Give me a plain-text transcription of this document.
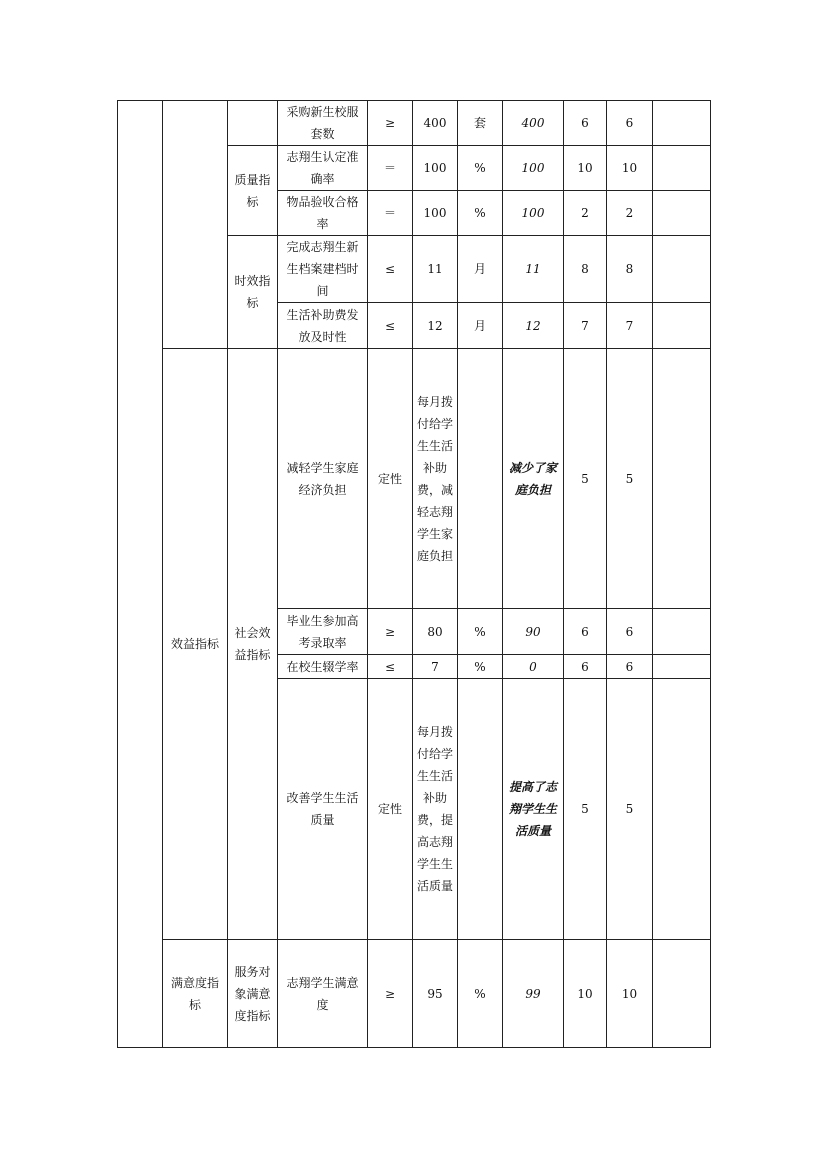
			采购新生校服套数	≥	400	套	400	6	6	
		质量指标	志翔生认定准确率	＝	100	%	100	10	10	
			物品验收合格率	＝	100	%	100	2	2	
		时效指标	完成志翔生新生档案建档时间	≤	11	月	11	8	8	
			生活补助费发放及时性	≤	12	月	12	7	7	
	效益指标	社会效益指标	减轻学生家庭经济负担	定性	每月拨付给学生生活补助费，减轻志翔学生家庭负担		减少了家庭负担	5	5	
			毕业生参加高考录取率	≥	80	%	90	6	6	
			在校生辍学率	≤	7	%	0	6	6	
			改善学生生活质量	定性	每月拨付给学生生活补助费，提高志翔学生生活质量		提高了志翔学生生活质量	5	5	
	满意度指标	服务对象满意度指标	志翔学生满意度	≥	95	%	99	10	10	
